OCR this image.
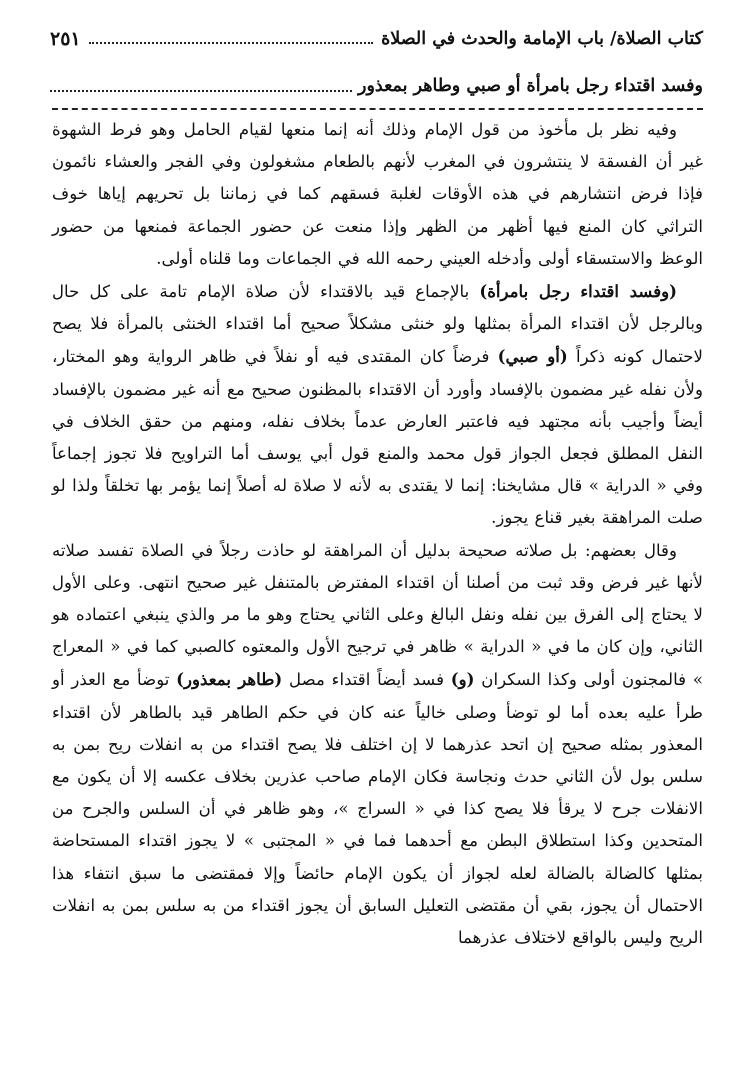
كتاب الصلاة/ باب الإمامة والحدث في الصلاة
٢٥١
وفسد اقتداء رجل بامرأة أو صبي وطاهر بمعذور

وفيه نظر بل مأخوذ من قول الإمام وذلك أنه إنما منعها لقيام الحامل وهو فرط الشهوة غير أن الفسقة لا ينتشرون في المغرب لأنهم بالطعام مشغولون وفي الفجر والعشاء نائمون فإذا فرض انتشارهم في هذه الأوقات لغلبة فسقهم كما في زماننا بل تحريهم إياها خوف التراثي كان المنع فيها أظهر من الظهر وإذا منعت عن حضور الجماعة فمنعها من حضور الوعظ والاستسقاء أولى وأدخله العيني رحمه الله في الجماعات وما قلناه أولى.

(وفسد اقتداء رجل بامرأة) بالإجماع قيد بالاقتداء لأن صلاة الإمام تامة على كل حال وبالرجل لأن اقتداء المرأة بمثلها ولو خنثى مشكلاً صحيح أما اقتداء الخنثى بالمرأة فلا يصح لاحتمال كونه ذكراً (أو صبي) فرضاً كان المقتدى فيه أو نفلاً في ظاهر الرواية وهو المختار، ولأن نفله غير مضمون بالإفساد وأورد أن الاقتداء بالمظنون صحيح مع أنه غير مضمون بالإفساد أيضاً وأجيب بأنه مجتهد فيه فاعتبر العارض عدماً بخلاف نفله، ومنهم من حقق الخلاف في النفل المطلق فجعل الجواز قول محمد والمنع قول أبي يوسف أما التراويح فلا تجوز إجماعاً وفي « الدراية » قال مشايخنا: إنما لا يقتدى به لأنه لا صلاة له أصلاً إنما يؤمر بها تخلقاً ولذا لو صلت المراهقة بغير قناع يجوز.

وقال بعضهم: بل صلاته صحيحة بدليل أن المراهقة لو حاذت رجلاً في الصلاة تفسد صلاته لأنها غير فرض وقد ثبت من أصلنا أن اقتداء المفترض بالمتنفل غير صحيح انتهى. وعلى الأول لا يحتاج إلى الفرق بين نفله ونفل البالغ وعلى الثاني يحتاج وهو ما مر والذي ينبغي اعتماده هو الثاني، وإن كان ما في « الدراية » ظاهر في ترجيح الأول والمعتوه كالصبي كما في « المعراج » فالمجنون أولى وكذا السكران (و) فسد أيضاً اقتداء مصل (طاهر بمعذور) توضأ مع العذر أو طرأ عليه بعده أما لو توضأ وصلى خالياً عنه كان في حكم الطاهر قيد بالطاهر لأن اقتداء المعذور بمثله صحيح إن اتحد عذرهما لا إن اختلف فلا يصح اقتداء من به انفلات ريح بمن به سلس بول لأن الثاني حدث ونجاسة فكان الإمام صاحب عذرين بخلاف عكسه إلا أن يكون مع الانفلات جرح لا يرقأ فلا يصح كذا في « السراج »، وهو ظاهر في أن السلس والجرح من المتحدين وكذا استطلاق البطن مع أحدهما فما في « المجتبى » لا يجوز اقتداء المستحاضة بمثلها كالضالة بالضالة لعله لجواز أن يكون الإمام حائضاً وإلا فمقتضى ما سبق انتفاء هذا الاحتمال أن يجوز، بقي أن مقتضى التعليل السابق أن يجوز اقتداء من به سلس بمن به انفلات الريح وليس بالواقع لاختلاف عذرهما
